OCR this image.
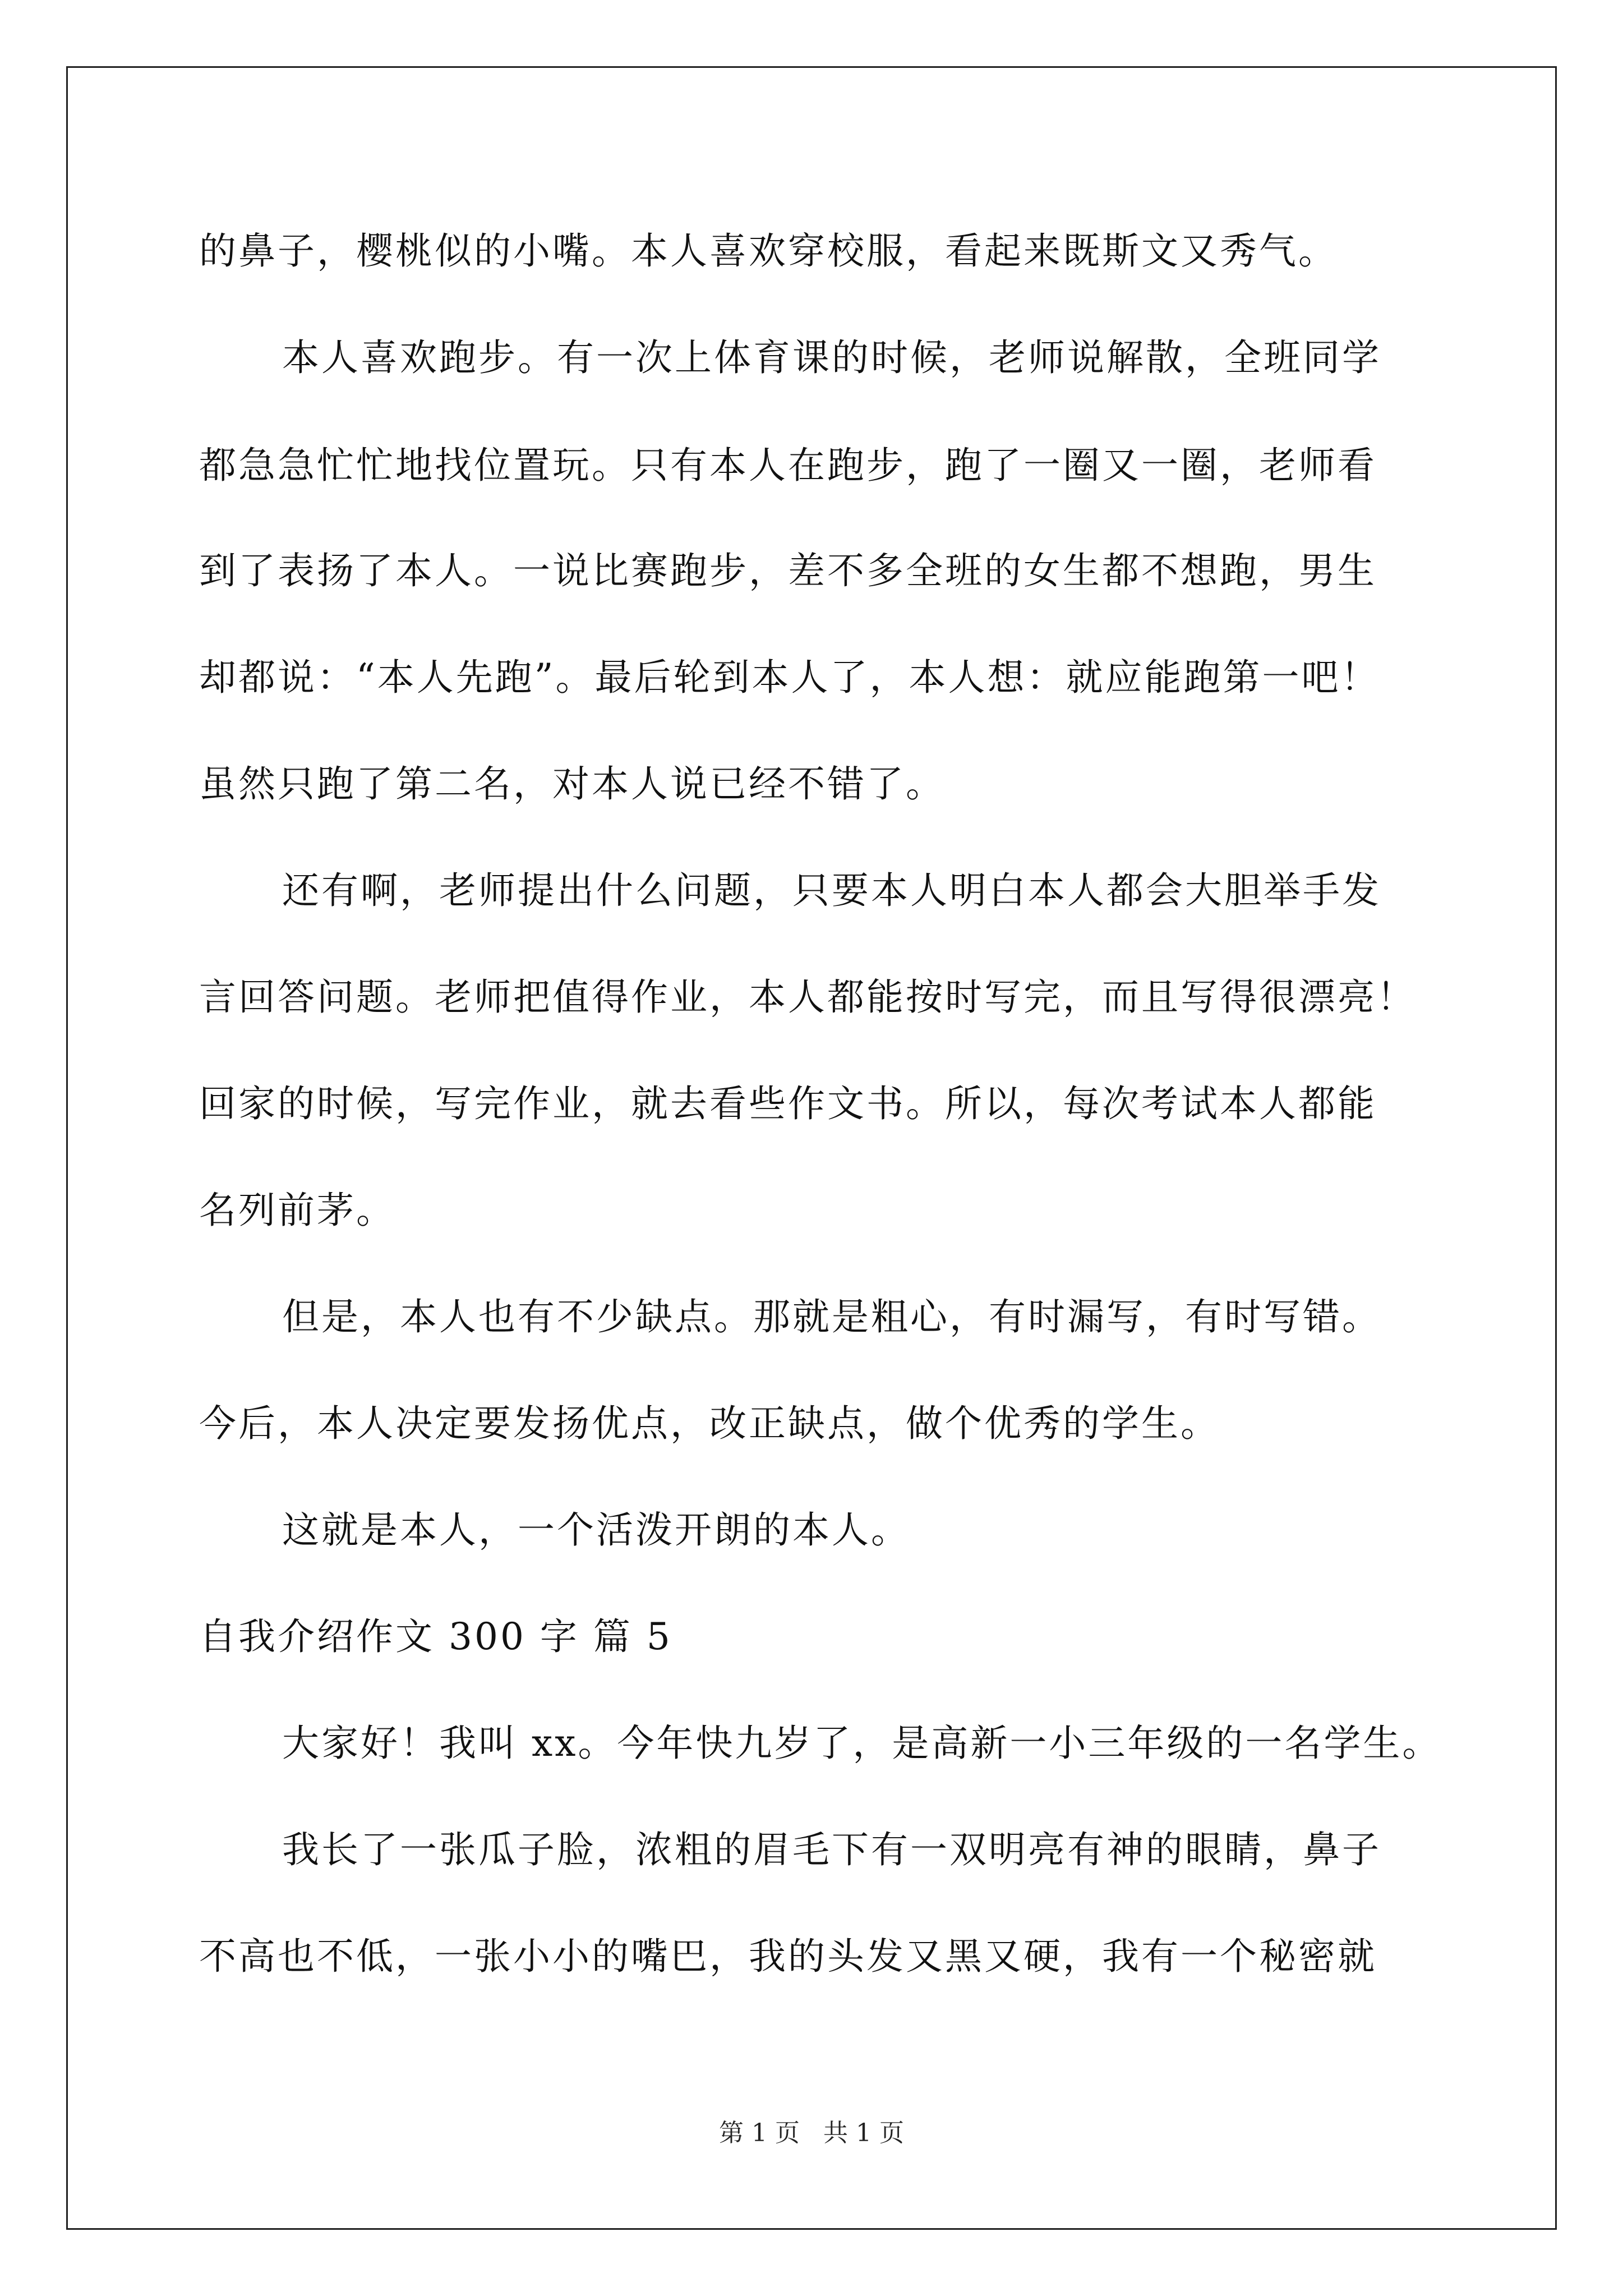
的鼻子，樱桃似的小嘴。本人喜欢穿校服，看起来既斯文又秀气。
本人喜欢跑步。有一次上体育课的时候，老师说解散，全班同学
都急急忙忙地找位置玩。只有本人在跑步，跑了一圈又一圈，老师看
到了表扬了本人。一说比赛跑步，差不多全班的女生都不想跑，男生
却都说：“本人先跑”。最后轮到本人了，本人想：就应能跑第一吧！
虽然只跑了第二名，对本人说已经不错了。
还有啊，老师提出什么问题，只要本人明白本人都会大胆举手发
言回答问题。老师把值得作业，本人都能按时写完，而且写得很漂亮！
回家的时候，写完作业，就去看些作文书。所以，每次考试本人都能
名列前茅。
但是，本人也有不少缺点。那就是粗心，有时漏写，有时写错。
今后，本人决定要发扬优点，改正缺点，做个优秀的学生。
这就是本人，一个活泼开朗的本人。
自我介绍作文 300 字 篇 5
大家好！我叫 xx。今年快九岁了，是高新一小三年级的一名学生。
我长了一张瓜子脸，浓粗的眉毛下有一双明亮有神的眼睛，鼻子
不高也不低，一张小小的嘴巴，我的头发又黑又硬，我有一个秘密就
第 1 页 共 1 页
